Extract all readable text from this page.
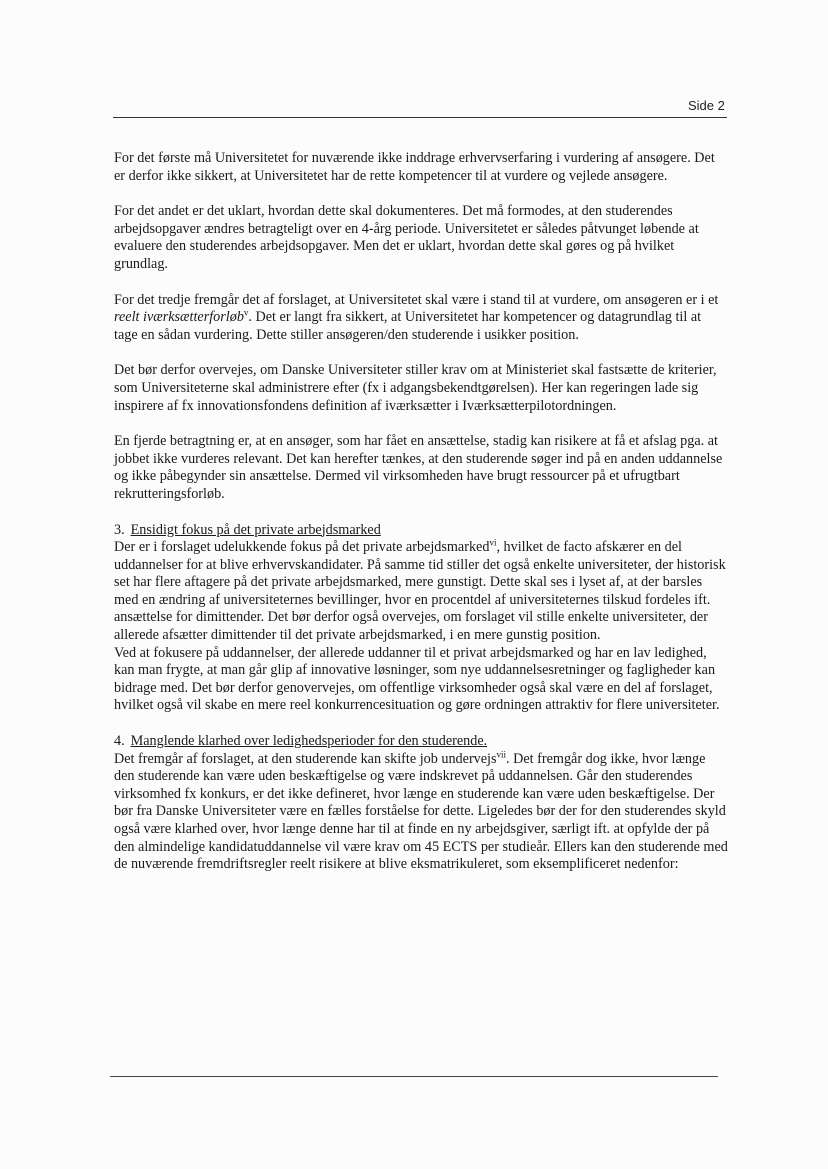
Side 2

For det første må Universitetet for nuværende ikke inddrage erhvervserfaring i vurdering af ansøgere. Det er derfor ikke sikkert, at Universitetet har de rette kompetencer til at vurdere og vejlede ansøgere.

For det andet er det uklart, hvordan dette skal dokumenteres. Det må formodes, at den studerendes arbejdsopgaver ændres betragteligt over en 4-årg periode. Universitetet er således påtvunget løbende at evaluere den studerendes arbejdsopgaver. Men det er uklart, hvordan dette skal gøres og på hvilket grundlag.

For det tredje fremgår det af forslaget, at Universitetet skal være i stand til at vurdere, om ansøgeren er i et reelt iværksætterforløb$^v$. Det er langt fra sikkert, at Universitetet har kompetencer og datagrundlag til at tage en sådan vurdering. Dette stiller ansøgeren/den studerende i usikker position.

Det bør derfor overvejes, om Danske Universiteter stiller krav om at Ministeriet skal fastsætte de kriterier, som Universiteterne skal administrere efter (fx i adgangsbekendtgørelsen). Her kan regeringen lade sig inspirere af fx innovationsfondens definition af iværksætter i Iværksætterpilotordningen.

En fjerde betragtning er, at en ansøger, som har fået en ansættelse, stadig kan risikere at få et afslag pga. at jobbet ikke vurderes relevant. Det kan herefter tænkes, at den studerende søger ind på en anden uddannelse og ikke påbegynder sin ansættelse. Dermed vil virksomheden have brugt ressourcer på et ufrugtbart rekrutteringsforløb.

3. Ensidigt fokus på det private arbejdsmarked

Der er i forslaget udelukkende fokus på det private arbejdsmarked$^{vi}$, hvilket de facto afskærer en del uddannelser for at blive erhvervskandidater. På samme tid stiller det også enkelte universiteter, der historisk set har flere aftagere på det private arbejdsmarked, mere gunstigt. Dette skal ses i lyset af, at der barsles med en ændring af universiteternes bevillinger, hvor en procentdel af universiteternes tilskud fordeles ift. ansættelse for dimittender. Det bør derfor også overvejes, om forslaget vil stille enkelte universiteter, der allerede afsætter dimittender til det private arbejdsmarked, i en mere gunstig position.

Ved at fokusere på uddannelser, der allerede uddanner til et privat arbejdsmarked og har en lav ledighed, kan man frygte, at man går glip af innovative løsninger, som nye uddannelsesretninger og fagligheder kan bidrage med. Det bør derfor genovervejes, om offentlige virksomheder også skal være en del af forslaget, hvilket også vil skabe en mere reel konkurrencesituation og gøre ordningen attraktiv for flere universiteter.

4. Manglende klarhed over ledighedsperioder for den studerende.

Det fremgår af forslaget, at den studerende kan skifte job undervejs$^{vii}$. Det fremgår dog ikke, hvor længe den studerende kan være uden beskæftigelse og være indskrevet på uddannelsen. Går den studerendes virksomhed fx konkurs, er det ikke defineret, hvor længe en studerende kan være uden beskæftigelse. Der bør fra Danske Universiteter være en fælles forståelse for dette. Ligeledes bør der for den studerendes skyld også være klarhed over, hvor længe denne har til at finde en ny arbejdsgiver, særligt ift. at opfylde der på den almindelige kandidatuddannelse vil være krav om 45 ECTS per studieår. Ellers kan den studerende med de nuværende fremdriftsregler reelt risikere at blive eksmatrikuleret, som eksemplificeret nedenfor:
